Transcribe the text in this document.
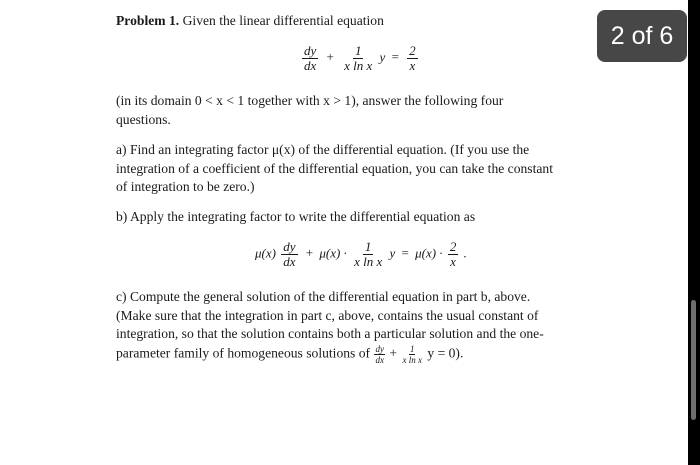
Problem 1. Given the linear differential equation
$\frac{dy}{dx} + \frac{1}{\text{x ln x}}$ $y = \frac{2}{x}$
(in its domain 0 < x < 1 together with x > 1), answer the following four
questions.
a) Find an integrating factor μ(x) of the differential equation. (If you use the
integration of a coefficient of the differential equation, you can take the constant
of integration to be zero.)
b) Apply the integrating factor to write the differential equation as
$\mu(x) \frac{dy}{dx} + \mu(x) \cdot \frac{1}{\text{x ln x}}$ $y = \mu(x) \cdot \frac{2}{x}$ .
c) Compute the general solution of the differential equation in part b, above.
(Make sure that the integration in part c, above, contains the usual constant of
integration, so that the solution contains both a particular solution and the one-
parameter family of homogeneous solutions of $\frac{dy}{dx} + \frac{1}{\text{x ln x}}$ y = 0).
2 of 6
